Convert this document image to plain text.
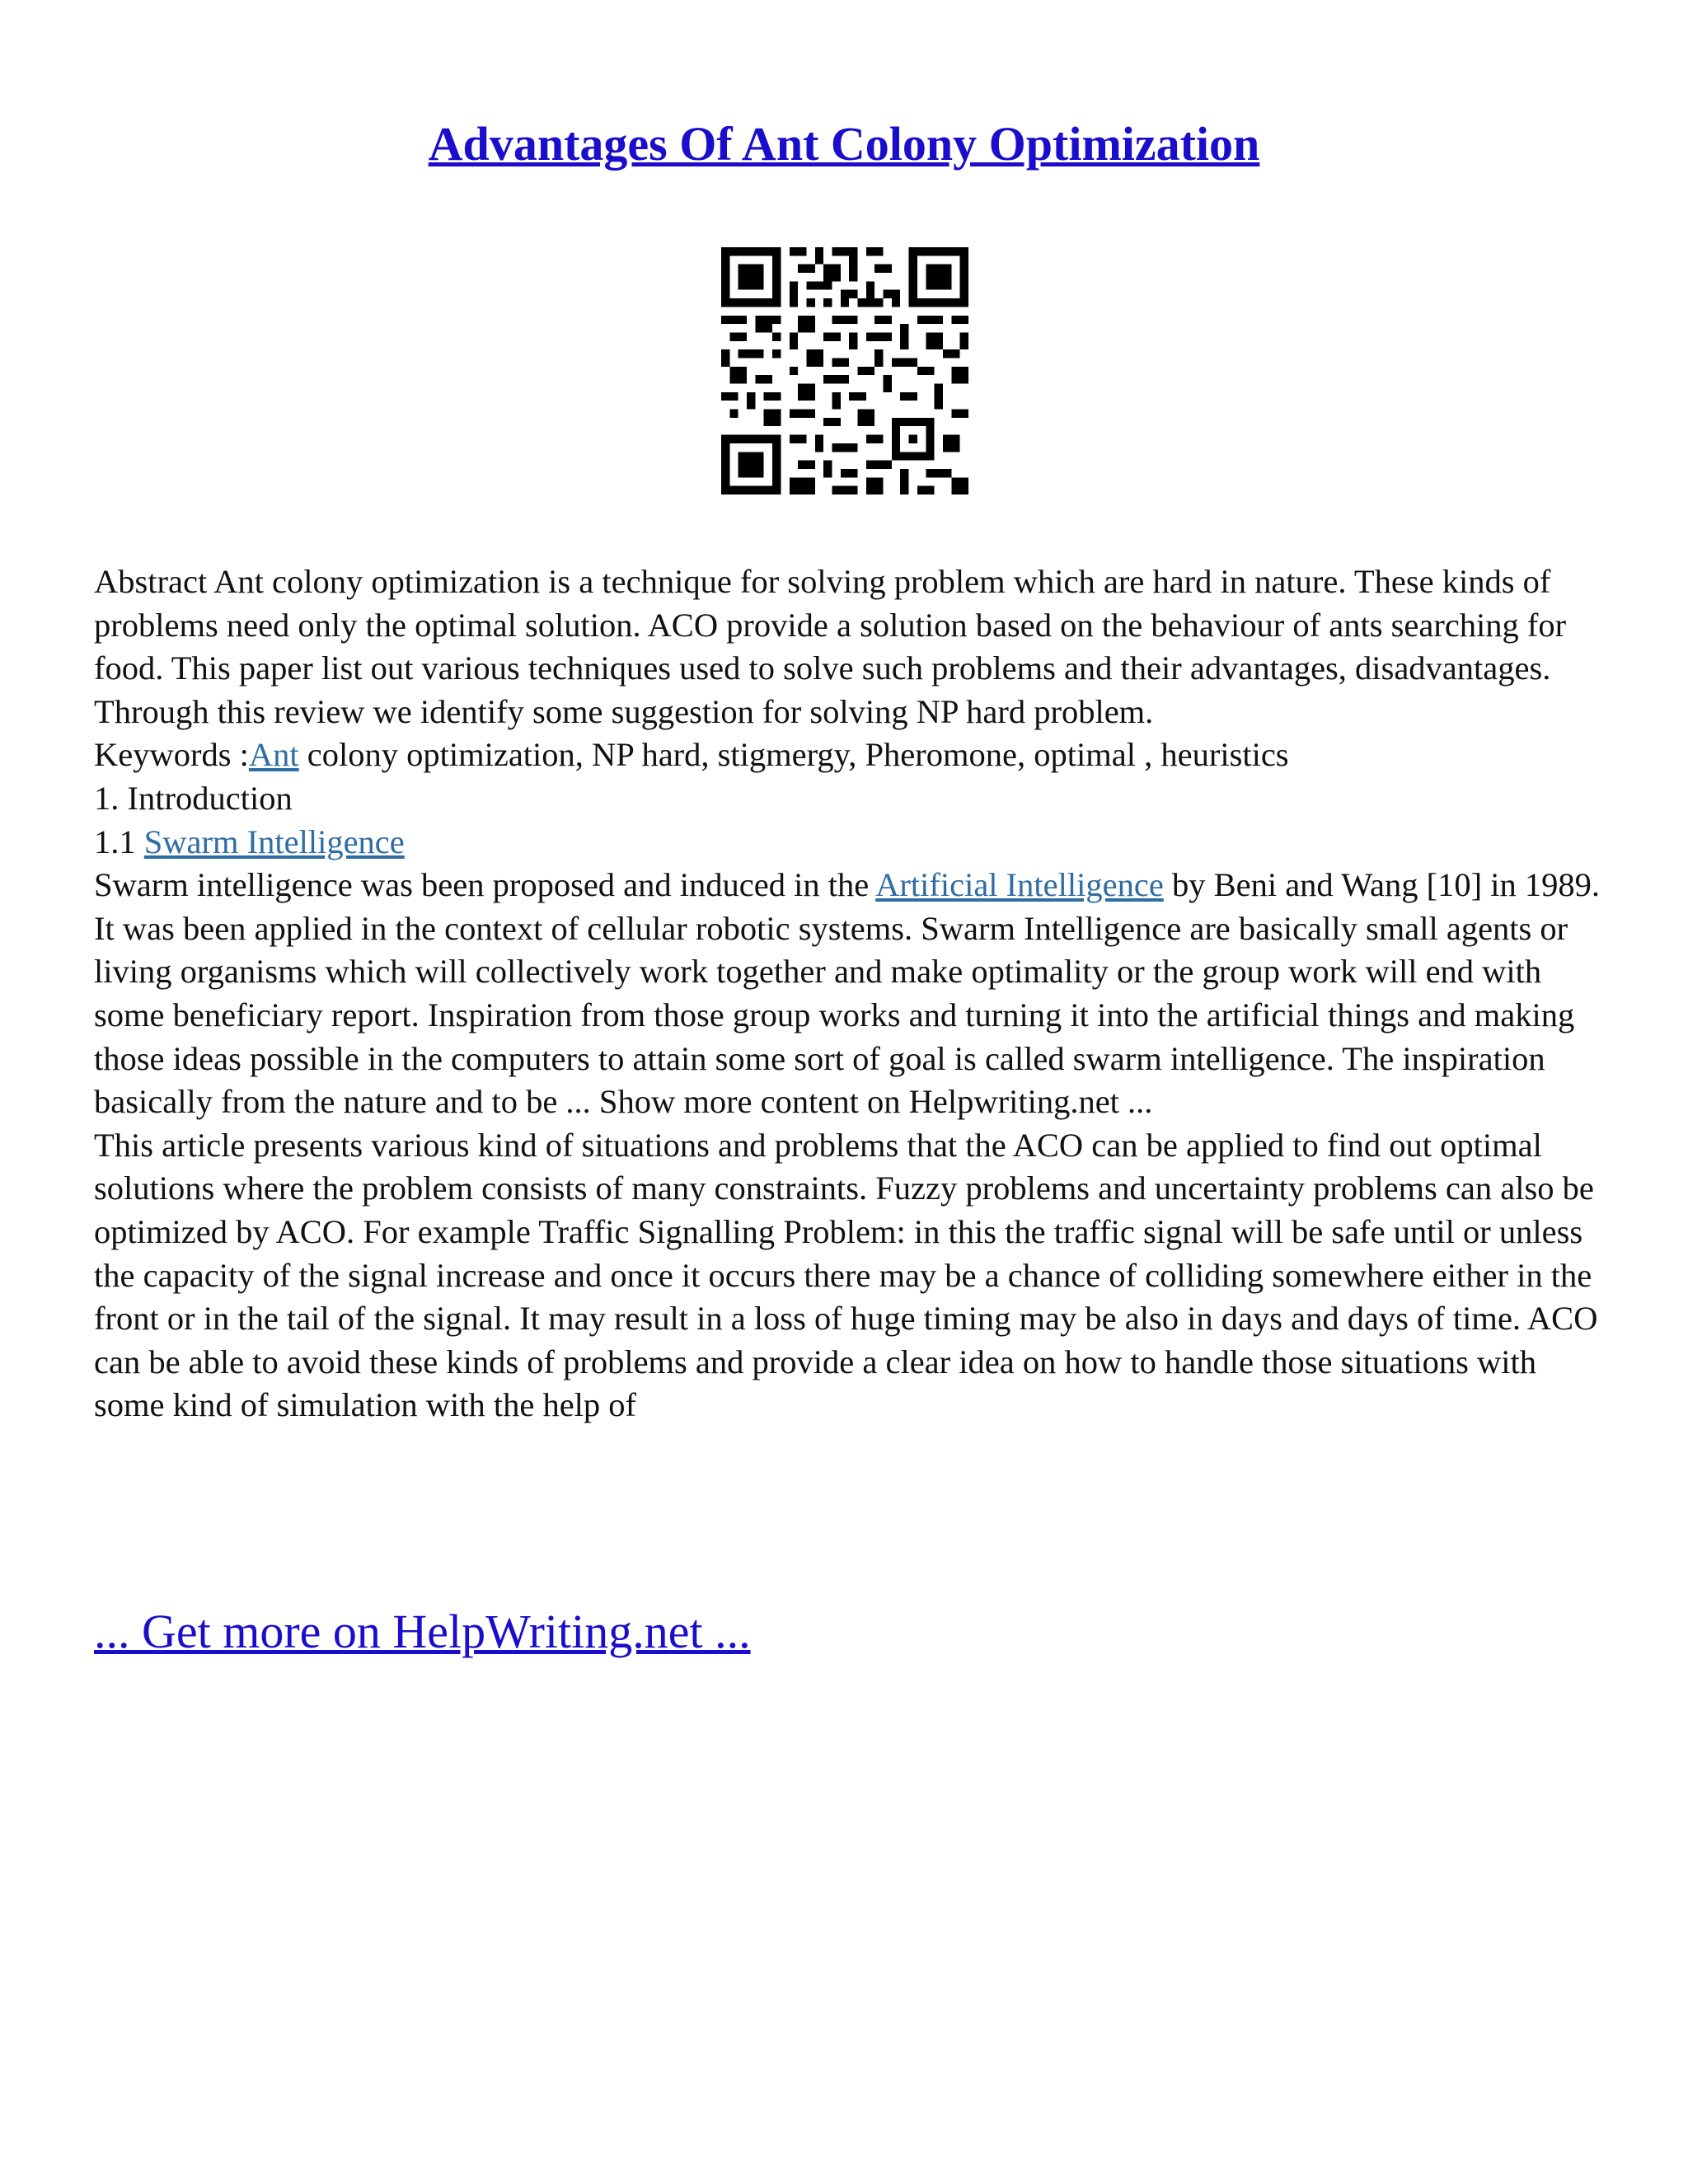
Advantages Of Ant Colony Optimization

Abstract Ant colony optimization is a technique for solving problem which are hard in nature. These kinds of problems need only the optimal solution. ACO provide a solution based on the behaviour of ants searching for food. This paper list out various techniques used to solve such problems and their advantages, disadvantages. Through this review we identify some suggestion for solving NP hard problem.

Keywords :Ant colony optimization, NP hard, stigmergy, Pheromone, optimal , heuristics

1. Introduction

1.1 Swarm Intelligence

Swarm intelligence was been proposed and induced in the Artificial Intelligence by Beni and Wang [10] in 1989. It was been applied in the context of cellular robotic systems. Swarm Intelligence are basically small agents or living organisms which will collectively work together and make optimality or the group work will end with some beneficiary report. Inspiration from those group works and turning it into the artificial things and making those ideas possible in the computers to attain some sort of goal is called swarm intelligence. The inspiration basically from the nature and to be ... Show more content on Helpwriting.net ...

This article presents various kind of situations and problems that the ACO can be applied to find out optimal solutions where the problem consists of many constraints. Fuzzy problems and uncertainty problems can also be optimized by ACO. For example Traffic Signalling Problem: in this the traffic signal will be safe until or unless the capacity of the signal increase and once it occurs there may be a chance of colliding somewhere either in the front or in the tail of the signal. It may result in a loss of huge timing may be also in days and days of time. ACO can be able to avoid these kinds of problems and provide a clear idea on how to handle those situations with some kind of simulation with the help of

... Get more on HelpWriting.net ...
